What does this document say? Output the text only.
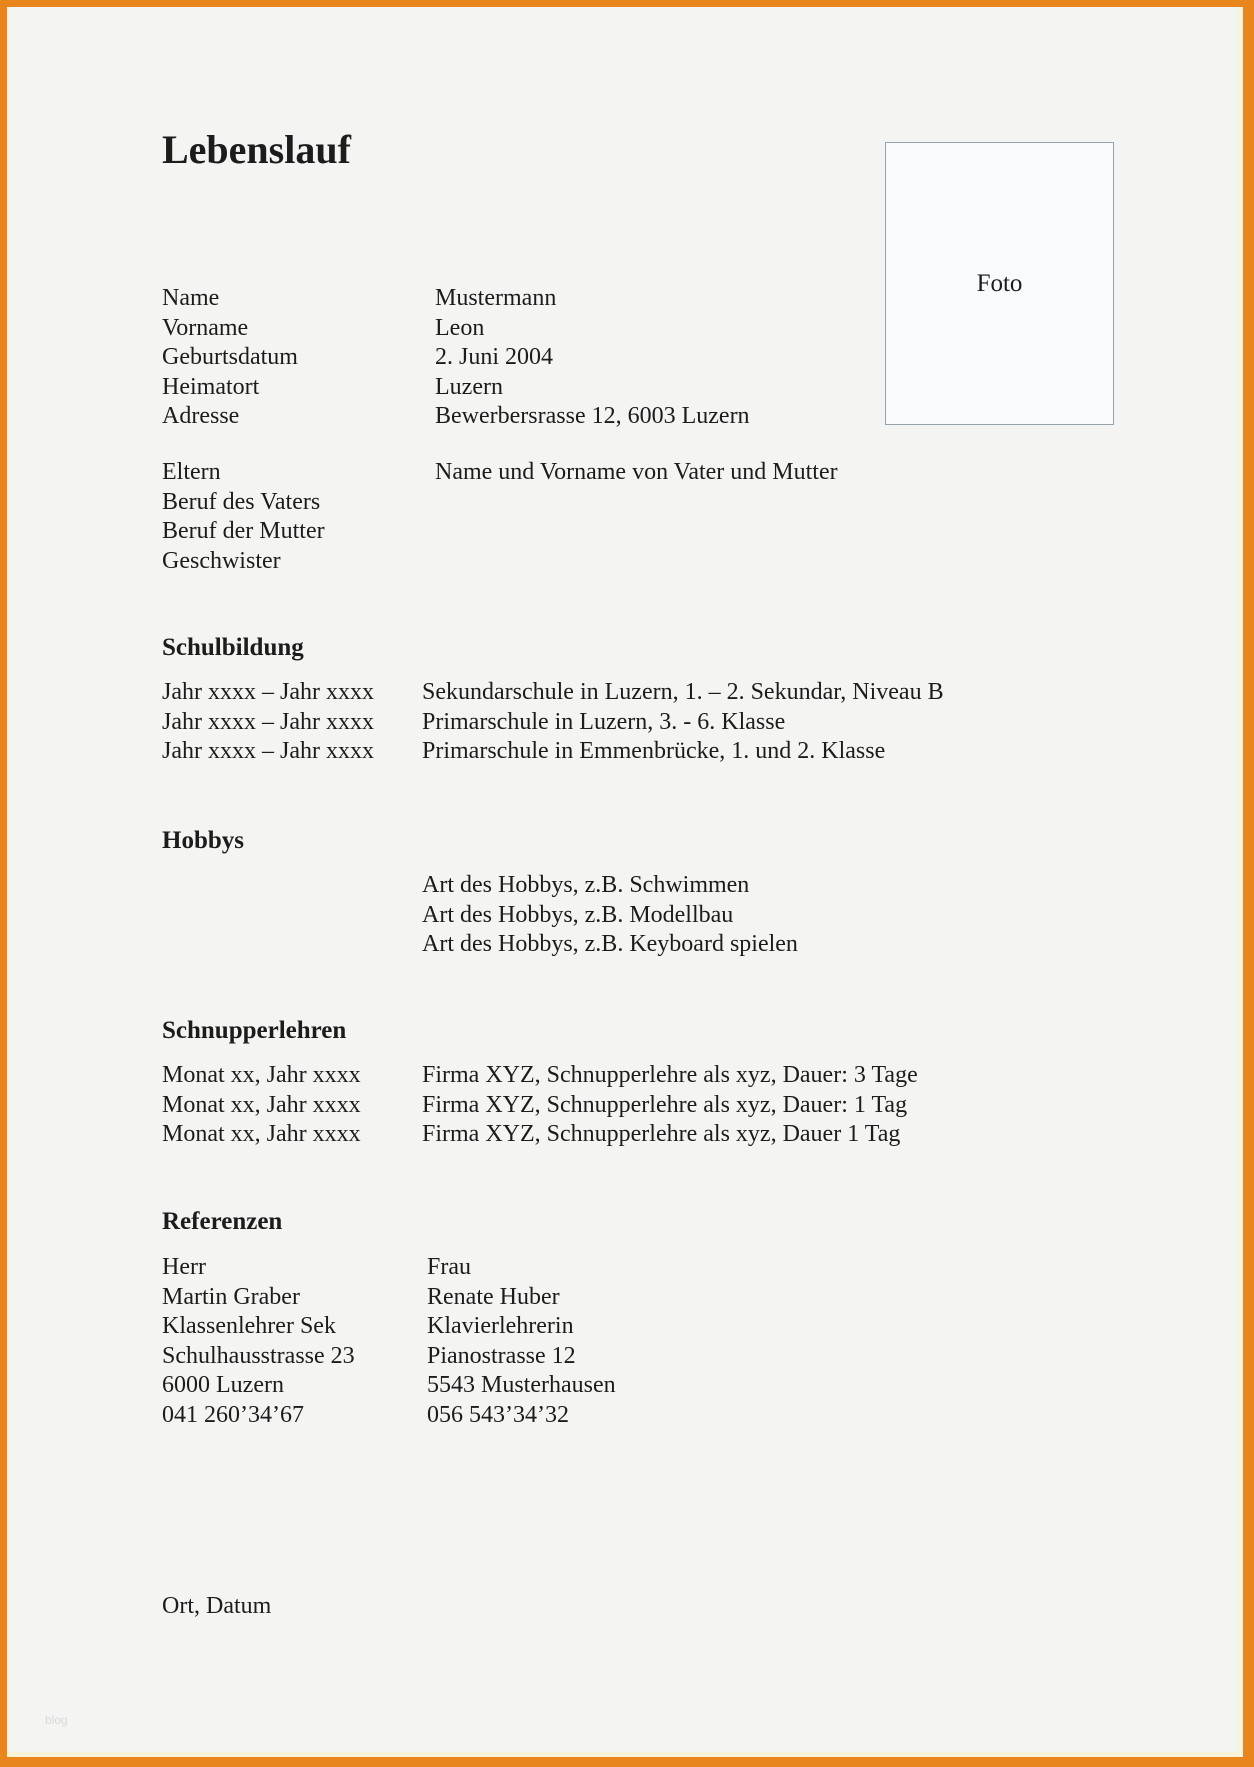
Lebenslauf
Foto
Name	Mustermann
Vorname	Leon
Geburtsdatum	2. Juni 2004
Heimatort	Luzern
Adresse	Bewerbersrasse 12, 6003 Luzern
Eltern	Name und Vorname von Vater und Mutter
Beruf des Vaters
Beruf der Mutter
Geschwister
Schulbildung
Jahr xxxx – Jahr xxxx	Sekundarschule in Luzern, 1. – 2. Sekundar, Niveau B
Jahr xxxx – Jahr xxxx	Primarschule in Luzern, 3. - 6. Klasse
Jahr xxxx – Jahr xxxx	Primarschule in Emmenbrücke, 1. und 2. Klasse
Hobbys
Art des Hobbys, z.B. Schwimmen
Art des Hobbys, z.B. Modellbau
Art des Hobbys, z.B. Keyboard spielen
Schnupperlehren
Monat xx, Jahr xxxx	Firma XYZ, Schnupperlehre als xyz, Dauer: 3 Tage
Monat xx, Jahr xxxx	Firma XYZ, Schnupperlehre als xyz, Dauer: 1 Tag
Monat xx, Jahr xxxx	Firma XYZ, Schnupperlehre als xyz, Dauer 1 Tag
Referenzen
Herr	Frau
Martin Graber	Renate Huber
Klassenlehrer Sek	Klavierlehrerin
Schulhausstrasse 23	Pianostrasse 12
6000 Luzern	5543 Musterhausen
041 260’34’67	056 543’34’32
Ort, Datum
blog
